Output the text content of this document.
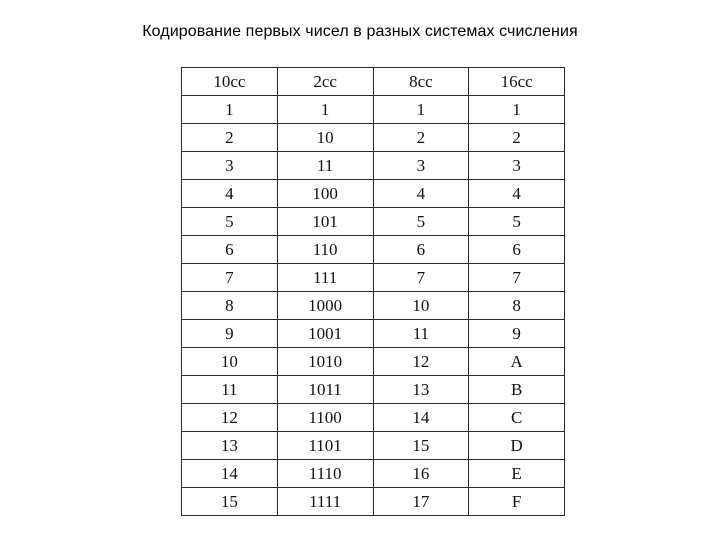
Кодирование первых чисел в разных системах счисления
10cc	2cc	8cc	16cc
1	1	1	1
2	10	2	2
3	11	3	3
4	100	4	4
5	101	5	5
6	110	6	6
7	111	7	7
8	1000	10	8
9	1001	11	9
10	1010	12	A
11	1011	13	B
12	1100	14	C
13	1101	15	D
14	1110	16	E
15	1111	17	F
